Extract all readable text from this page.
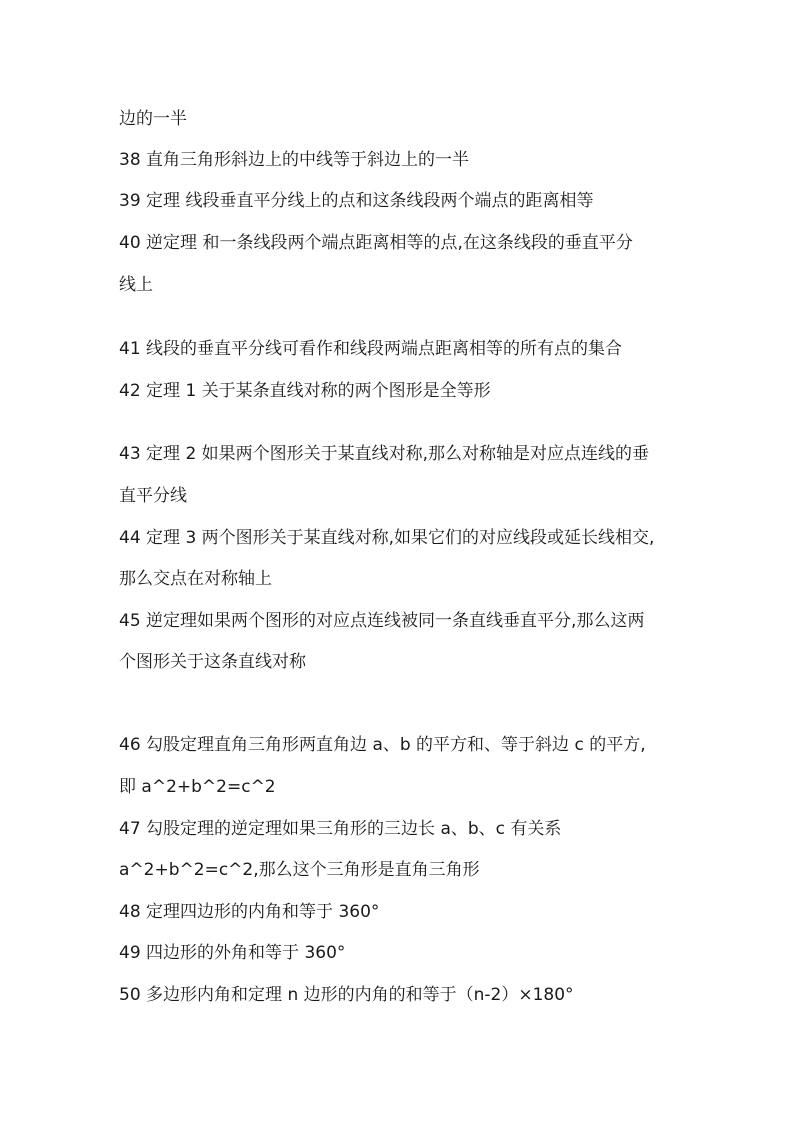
边的一半
38 直角三角形斜边上的中线等于斜边上的一半
39 定理 线段垂直平分线上的点和这条线段两个端点的距离相等
40 逆定理 和一条线段两个端点距离相等的点,在这条线段的垂直平分
线上
41 线段的垂直平分线可看作和线段两端点距离相等的所有点的集合
42 定理 1 关于某条直线对称的两个图形是全等形
43 定理 2 如果两个图形关于某直线对称,那么对称轴是对应点连线的垂
直平分线
44 定理 3 两个图形关于某直线对称,如果它们的对应线段或延长线相交,
那么交点在对称轴上
45 逆定理如果两个图形的对应点连线被同一条直线垂直平分,那么这两
个图形关于这条直线对称
46 勾股定理直角三角形两直角边 a、b 的平方和、等于斜边 c 的平方,
即 a^2+b^2=c^2
47 勾股定理的逆定理如果三角形的三边长 a、b、c 有关系
a^2+b^2=c^2,那么这个三角形是直角三角形
48 定理四边形的内角和等于 360°
49 四边形的外角和等于 360°
50 多边形内角和定理 n 边形的内角的和等于（n-2）×180°
